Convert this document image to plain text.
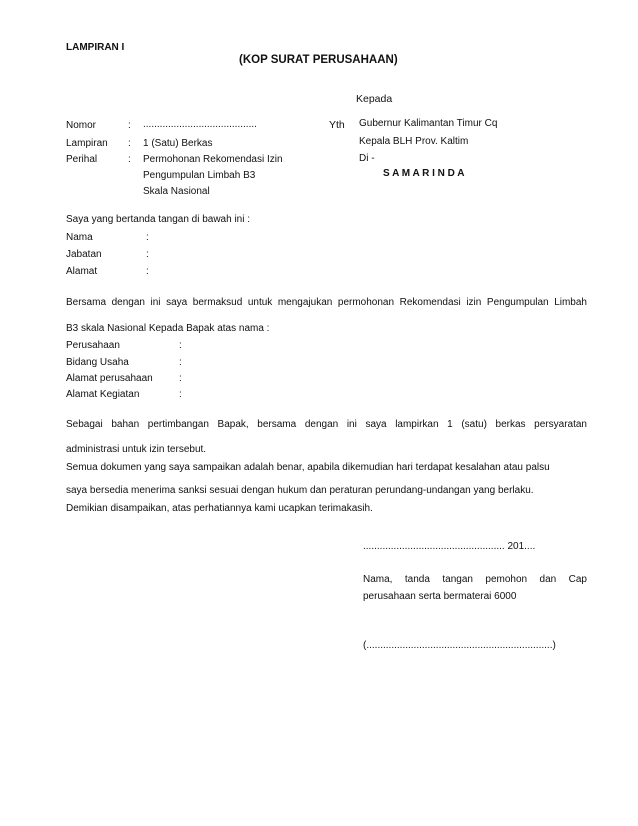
LAMPIRAN I
(KOP SURAT PERUSAHAAN)
Kepada
Yth Gubernur Kalimantan Timur Cq
Kepala BLH Prov. Kaltim
Di -
S A M A R I N D A
Nomor	: .........................................
Lampiran : 1 (Satu) Berkas
Perihal	: Permohonan Rekomendasi Izin
Pengumpulan Limbah B3
Skala Nasional
Saya yang bertanda tangan di bawah ini :
Nama	:
Jabatan	:
Alamat	:
Bersama dengan ini saya bermaksud untuk mengajukan permohonan Rekomendasi izin Pengumpulan Limbah
B3 skala Nasional Kepada Bapak atas nama :
Perusahaan	:
Bidang Usaha	:
Alamat perusahaan	:
Alamat Kegiatan	:
Sebagai bahan pertimbangan Bapak, bersama dengan ini saya lampirkan 1 (satu) berkas persyaratan
administrasi untuk izin tersebut.
Semua dokumen yang saya sampaikan adalah benar, apabila dikemudian hari terdapat kesalahan atau palsu
saya bersedia menerima sanksi sesuai dengan hukum dan peraturan perundang-undangan yang berlaku.
Demikian disampaikan, atas perhatiannya kami ucapkan terimakasih.
................................................... 201....
Nama, tanda tangan pemohon dan Cap
perusahaan serta bermaterai 6000
(...................................................................)
